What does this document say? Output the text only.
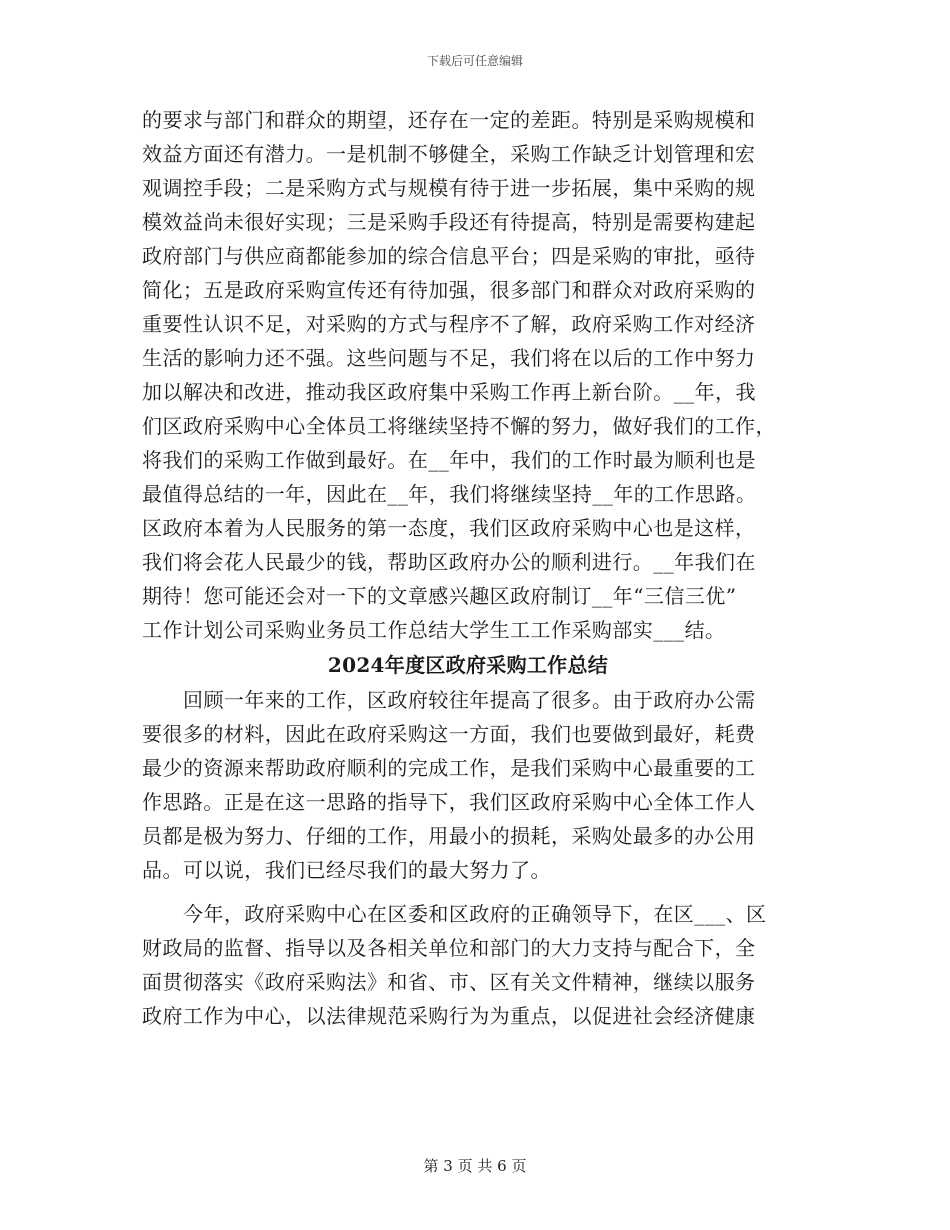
下载后可任意编辑
的要求与部门和群众的期望，还存在一定的差距。特别是采购规模和
效益方面还有潜力。一是机制不够健全，采购工作缺乏计划管理和宏
观调控手段；二是采购方式与规模有待于进一步拓展，集中采购的规
模效益尚未很好实现；三是采购手段还有待提高，特别是需要构建起
政府部门与供应商都能参加的综合信息平台；四是采购的审批，亟待
简化；五是政府采购宣传还有待加强，很多部门和群众对政府采购的
重要性认识不足，对采购的方式与程序不了解，政府采购工作对经济
生活的影响力还不强。这些问题与不足，我们将在以后的工作中努力
加以解决和改进，推动我区政府集中采购工作再上新台阶。__年，我
们区政府采购中心全体员工将继续坚持不懈的努力，做好我们的工作，
将我们的采购工作做到最好。在__年中，我们的工作时最为顺利也是
最值得总结的一年，因此在__年，我们将继续坚持__年的工作思路。
区政府本着为人民服务的第一态度，我们区政府采购中心也是这样，
我们将会花人民最少的钱，帮助区政府办公的顺利进行。__年我们在
期待！您可能还会对一下的文章感兴趣区政府制订__年“三信三优”
工作计划公司采购业务员工作总结大学生工工作采购部实___结。
2024年度区政府采购工作总结
回顾一年来的工作，区政府较往年提高了很多。由于政府办公需
要很多的材料，因此在政府采购这一方面，我们也要做到最好，耗费
最少的资源来帮助政府顺利的完成工作，是我们采购中心最重要的工
作思路。正是在这一思路的指导下，我们区政府采购中心全体工作人
员都是极为努力、仔细的工作，用最小的损耗，采购处最多的办公用
品。可以说，我们已经尽我们的最大努力了。
今年，政府采购中心在区委和区政府的正确领导下，在区___、区
财政局的监督、指导以及各相关单位和部门的大力支持与配合下，全
面贯彻落实《政府采购法》和省、市、区有关文件精神，继续以服务
政府工作为中心，以法律规范采购行为为重点，以促进社会经济健康
第 3 页 共 6 页
